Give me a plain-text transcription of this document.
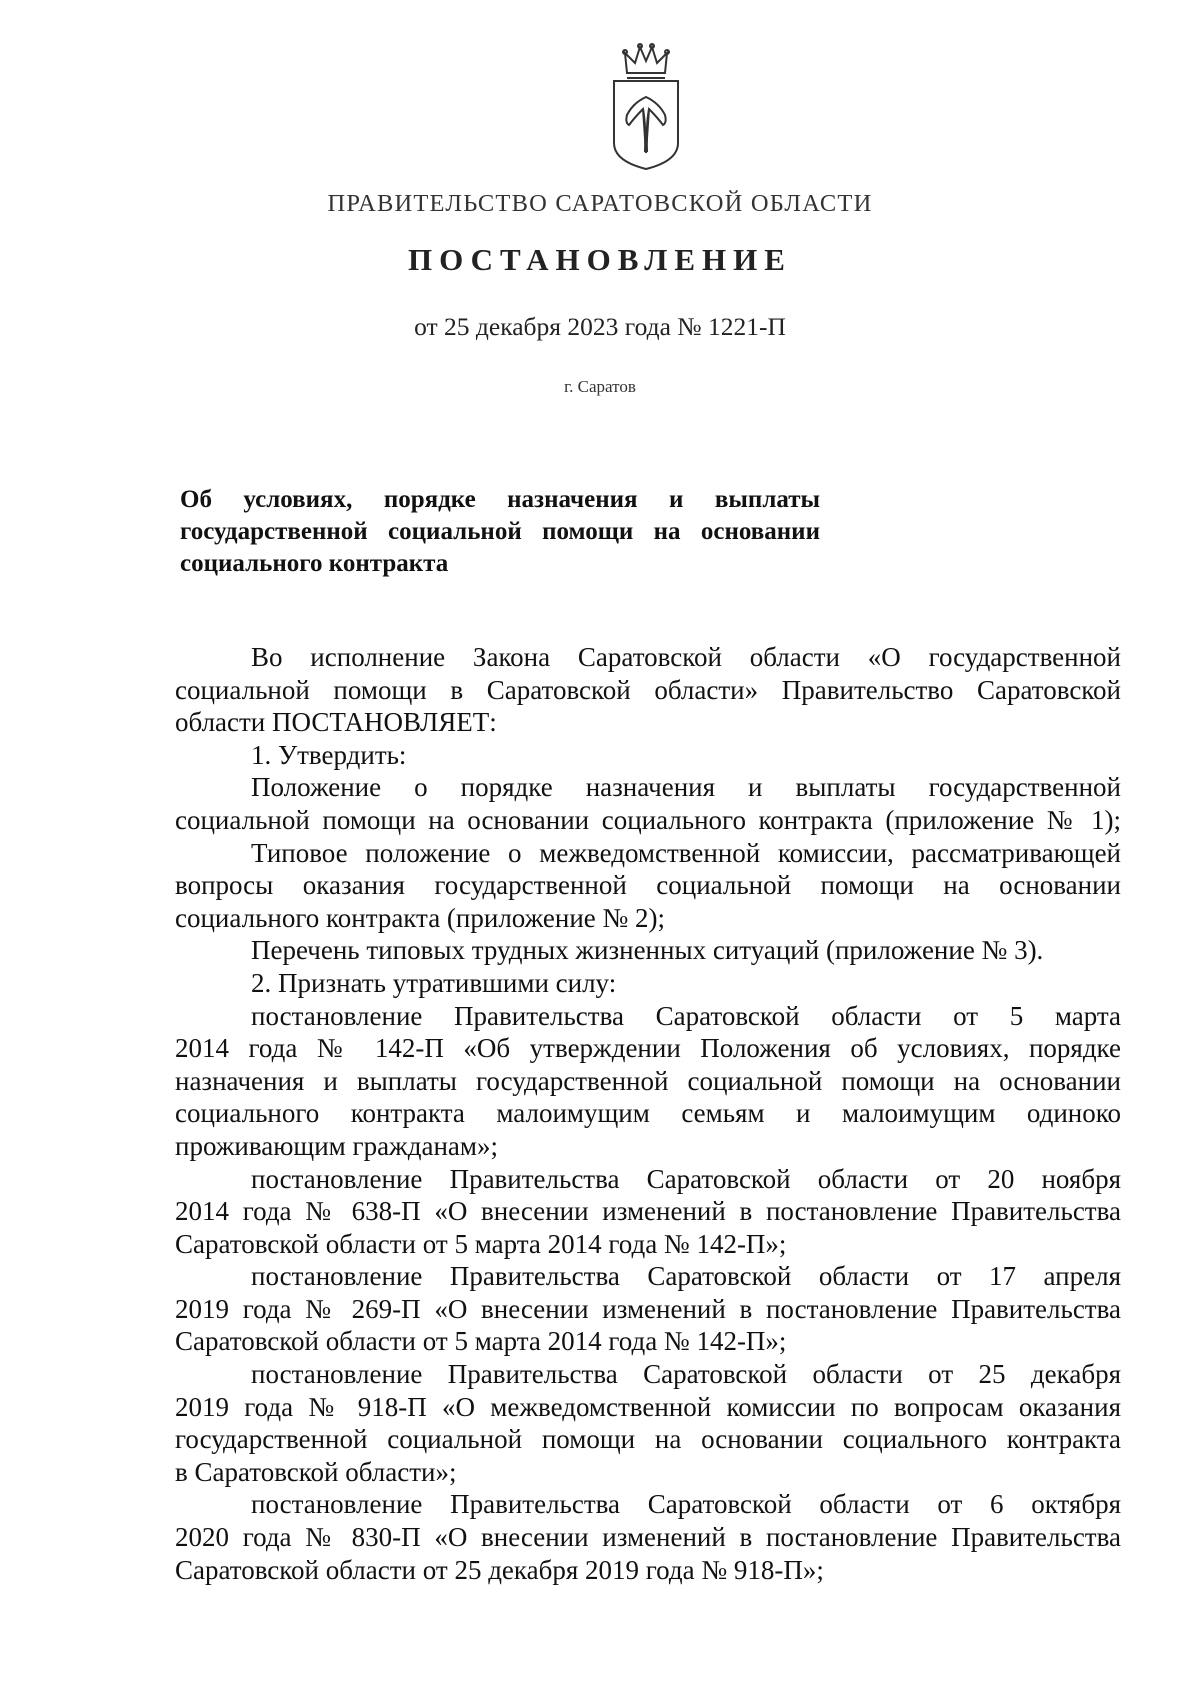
ПРАВИТЕЛЬСТВО САРАТОВСКОЙ ОБЛАСТИ
ПОСТАНОВЛЕНИЕ
от 25 декабря 2023 года № 1221-П
г. Саратов
Об условиях, порядке назначения и выплаты
государственной социальной помощи на основании
социального контракта
Во исполнение Закона Саратовской области «О государственной
социальной помощи в Саратовской области» Правительство Саратовской
области ПОСТАНОВЛЯЕТ:
1. Утвердить:
Положение о порядке назначения и выплаты государственной
социальной помощи на основании социального контракта (приложение № 1);
Типовое положение о межведомственной комиссии, рассматривающей
вопросы оказания государственной социальной помощи на основании
социального контракта (приложение № 2);
Перечень типовых трудных жизненных ситуаций (приложение № 3).
2. Признать утратившими силу:
постановление Правительства Саратовской области от 5 марта
2014 года № 142-П «Об утверждении Положения об условиях, порядке
назначения и выплаты государственной социальной помощи на основании
социального контракта малоимущим семьям и малоимущим одиноко
проживающим гражданам»;
постановление Правительства Саратовской области от 20 ноября
2014 года № 638-П «О внесении изменений в постановление Правительства
Саратовской области от 5 марта 2014 года № 142-П»;
постановление Правительства Саратовской области от 17 апреля
2019 года № 269-П «О внесении изменений в постановление Правительства
Саратовской области от 5 марта 2014 года № 142-П»;
постановление Правительства Саратовской области от 25 декабря
2019 года № 918-П «О межведомственной комиссии по вопросам оказания
государственной социальной помощи на основании социального контракта
в Саратовской области»;
постановление Правительства Саратовской области от 6 октября
2020 года № 830-П «О внесении изменений в постановление Правительства
Саратовской области от 25 декабря 2019 года № 918-П»;
